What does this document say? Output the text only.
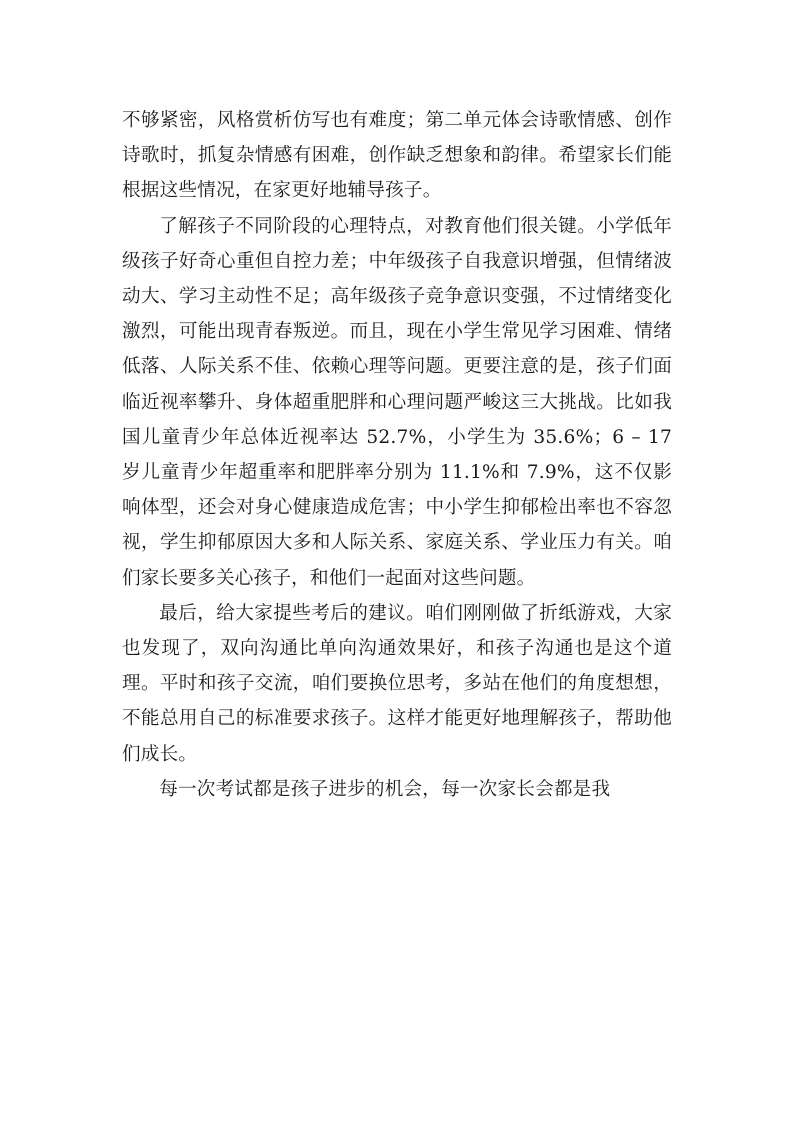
不够紧密，风格赏析仿写也有难度；第二单元体会诗歌情感、创作诗歌时，抓复杂情感有困难，创作缺乏想象和韵律。希望家长们能根据这些情况，在家更好地辅导孩子。

了解孩子不同阶段的心理特点，对教育他们很关键。小学低年级孩子好奇心重但自控力差；中年级孩子自我意识增强，但情绪波动大、学习主动性不足；高年级孩子竞争意识变强，不过情绪变化激烈，可能出现青春叛逆。而且，现在小学生常见学习困难、情绪低落、人际关系不佳、依赖心理等问题。更要注意的是，孩子们面临近视率攀升、身体超重肥胖和心理问题严峻这三大挑战。比如我国儿童青少年总体近视率达 52.7%，小学生为 35.6%；6 – 17 岁儿童青少年超重率和肥胖率分别为 11.1%和 7.9%，这不仅影响体型，还会对身心健康造成危害；中小学生抑郁检出率也不容忽视，学生抑郁原因大多和人际关系、家庭关系、学业压力有关。咱们家长要多关心孩子，和他们一起面对这些问题。

最后，给大家提些考后的建议。咱们刚刚做了折纸游戏，大家也发现了，双向沟通比单向沟通效果好，和孩子沟通也是这个道理。平时和孩子交流，咱们要换位思考，多站在他们的角度想想，不能总用自己的标准要求孩子。这样才能更好地理解孩子，帮助他们成长。

每一次考试都是孩子进步的机会，每一次家长会都是我
